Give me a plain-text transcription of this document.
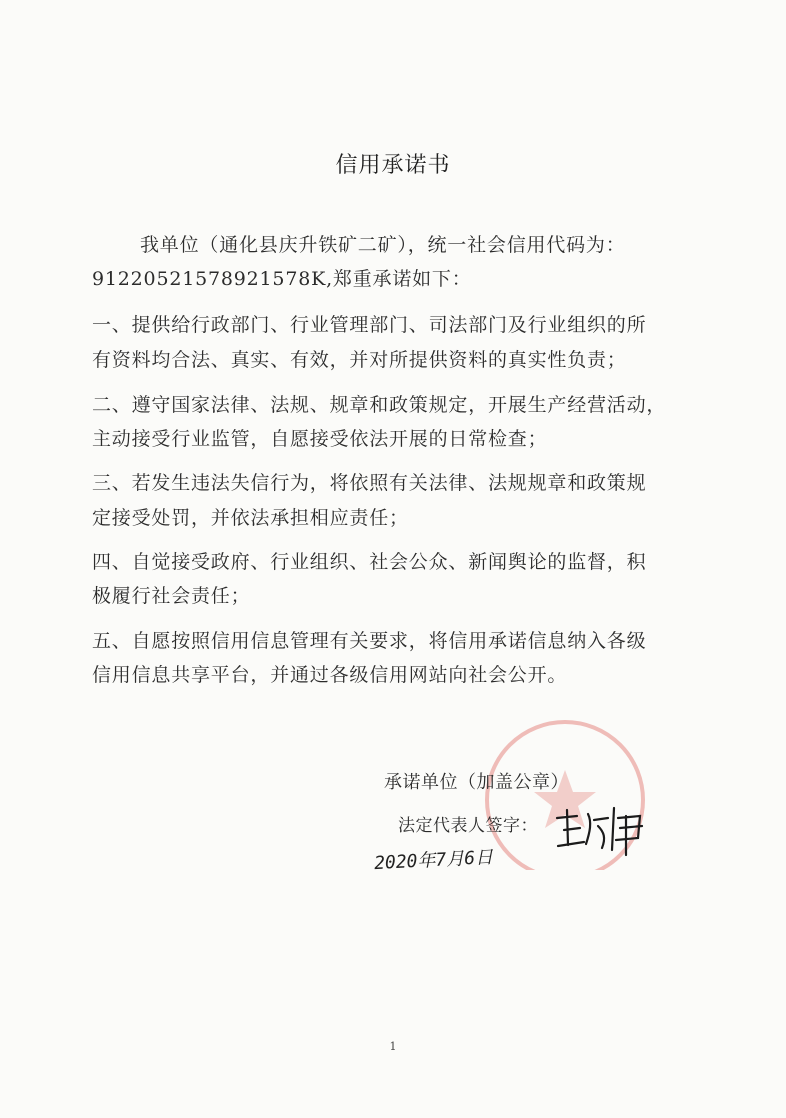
信用承诺书
我单位（通化县庆升铁矿二矿），统一社会信用代码为：
91220521578921578K,郑重承诺如下：
一、提供给行政部门、行业管理部门、司法部门及行业组织的所
有资料均合法、真实、有效，并对所提供资料的真实性负责；
二、遵守国家法律、法规、规章和政策规定，开展生产经营活动，
主动接受行业监管，自愿接受依法开展的日常检查；
三、若发生违法失信行为，将依照有关法律、法规规章和政策规
定接受处罚，并依法承担相应责任；
四、自觉接受政府、行业组织、社会公众、新闻舆论的监督，积
极履行社会责任；
五、自愿按照信用信息管理有关要求，将信用承诺信息纳入各级
信用信息共享平台，并通过各级信用网站向社会公开。
承诺单位（加盖公章）
法定代表人签字：
2020年7月6日
1
